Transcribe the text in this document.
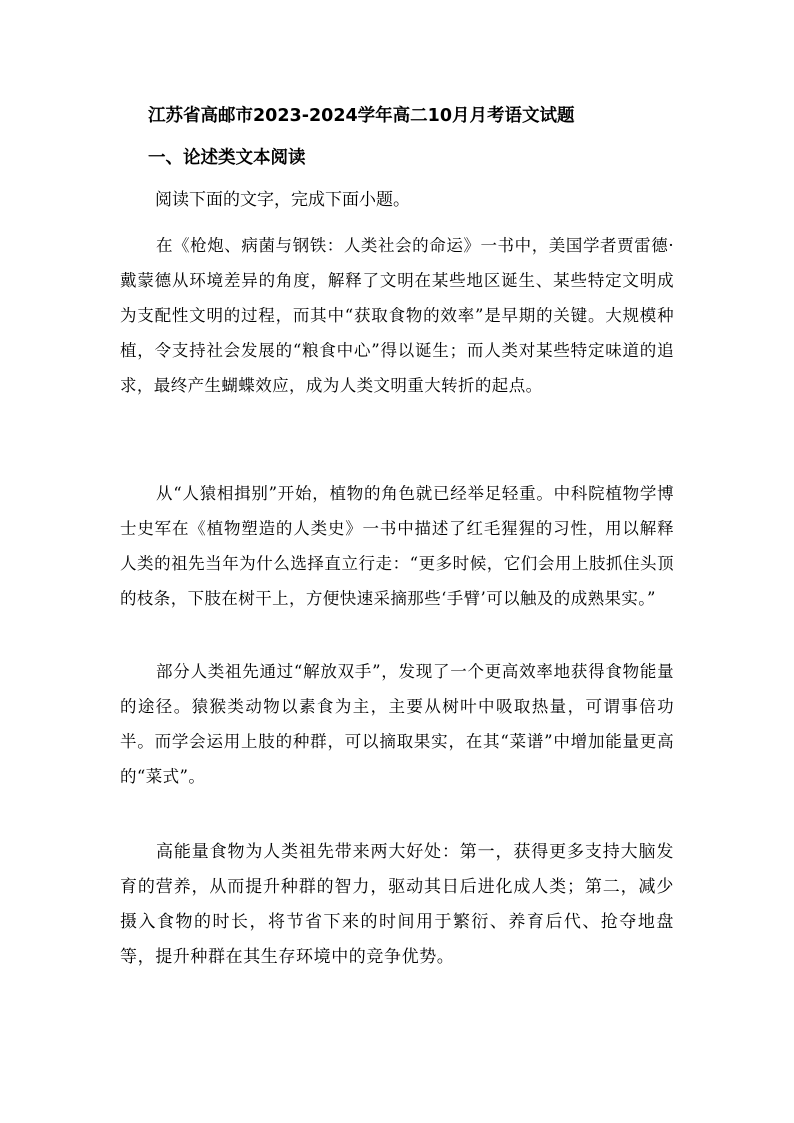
江苏省高邮市2023-2024学年高二10月月考语文试题
一、论述类文本阅读
阅读下面的文字，完成下面小题。

在《枪炮、病菌与钢铁：人类社会的命运》一书中，美国学者贾雷德·戴蒙德从环境差异的角度，解释了文明在某些地区诞生、某些特定文明成为支配性文明的过程，而其中“获取食物的效率”是早期的关键。大规模种植，令支持社会发展的“粮食中心”得以诞生；而人类对某些特定味道的追求，最终产生蝴蝶效应，成为人类文明重大转折的起点。

从“人猿相揖别”开始，植物的角色就已经举足轻重。中科院植物学博士史军在《植物塑造的人类史》一书中描述了红毛猩猩的习性，用以解释人类的祖先当年为什么选择直立行走：“更多时候，它们会用上肢抓住头顶的枝条，下肢在树干上，方便快速采摘那些‘手臂’可以触及的成熟果实。”

部分人类祖先通过“解放双手”，发现了一个更高效率地获得食物能量的途径。猿猴类动物以素食为主，主要从树叶中吸取热量，可谓事倍功半。而学会运用上肢的种群，可以摘取果实，在其“菜谱”中增加能量更高的“菜式”。

高能量食物为人类祖先带来两大好处：第一，获得更多支持大脑发育的营养，从而提升种群的智力，驱动其日后进化成人类；第二，减少摄入食物的时长，将节省下来的时间用于繁衍、养育后代、抢夺地盘等，提升种群在其生存环境中的竞争优势。
